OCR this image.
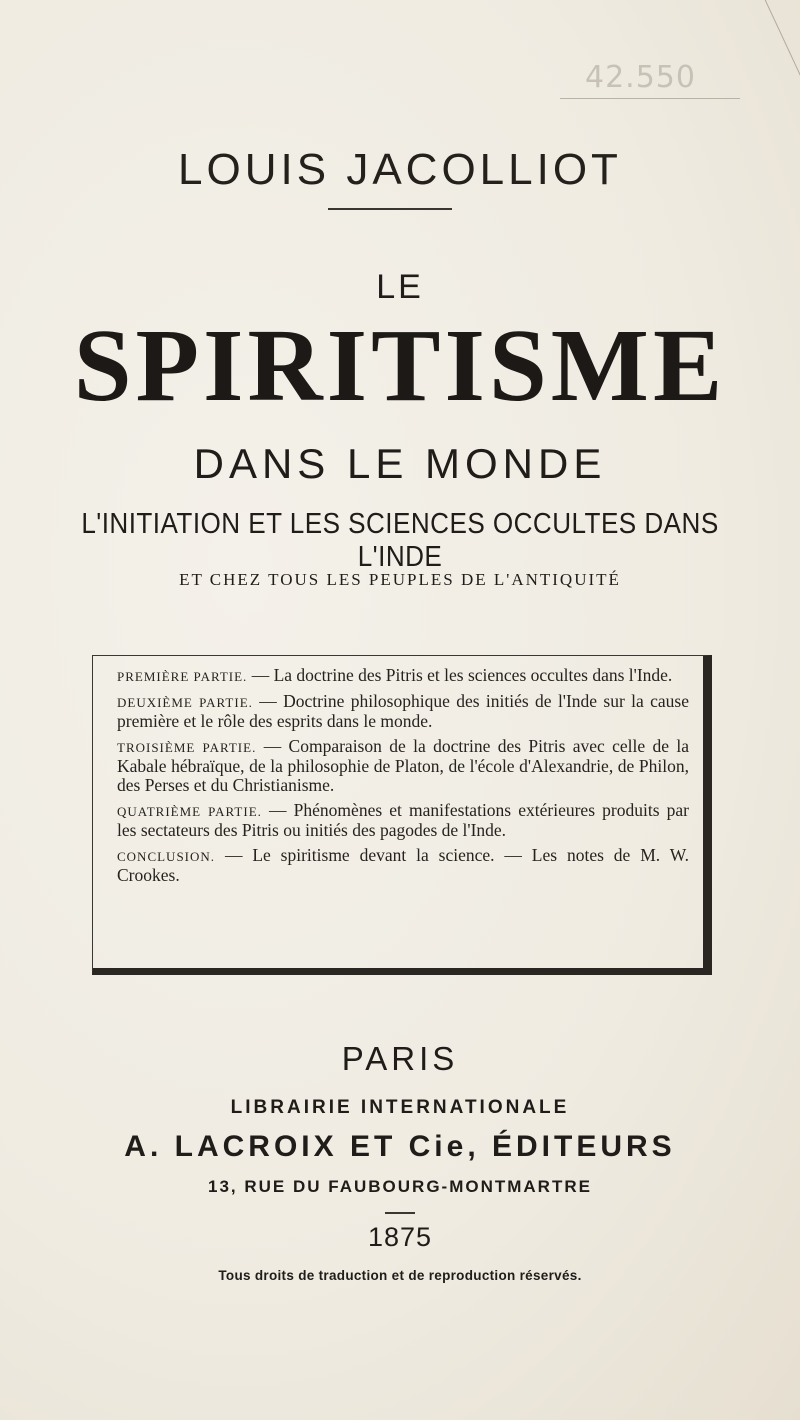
42.550
LOUIS JACOLLIOT
LE
SPIRITISME
DANS LE MONDE
L'INITIATION ET LES SCIENCES OCCULTES DANS L'INDE
ET CHEZ TOUS LES PEUPLES DE L'ANTIQUITÉ

PREMIÈRE PARTIE. — La doctrine des Pitris et les sciences occultes dans l'Inde.

DEUXIÈME PARTIE. — Doctrine philosophique des initiés de l'Inde sur la cause première et le rôle des esprits dans le monde.

TROISIÈME PARTIE. — Comparaison de la doctrine des Pitris avec celle de la Kabale hébraïque, de la philosophie de Platon, de l'école d'Alexandrie, de Philon, des Perses et du Christianisme.

QUATRIÈME PARTIE. — Phénomènes et manifestations extérieures produits par les sectateurs des Pitris ou initiés des pagodes de l'Inde.

CONCLUSION. — Le spiritisme devant la science. — Les notes de M. W. Crookes.

PARIS
LIBRAIRIE INTERNATIONALE
A. LACROIX ET Cie, ÉDITEURS
13, RUE DU FAUBOURG-MONTMARTRE
1875
Tous droits de traduction et de reproduction réservés.
